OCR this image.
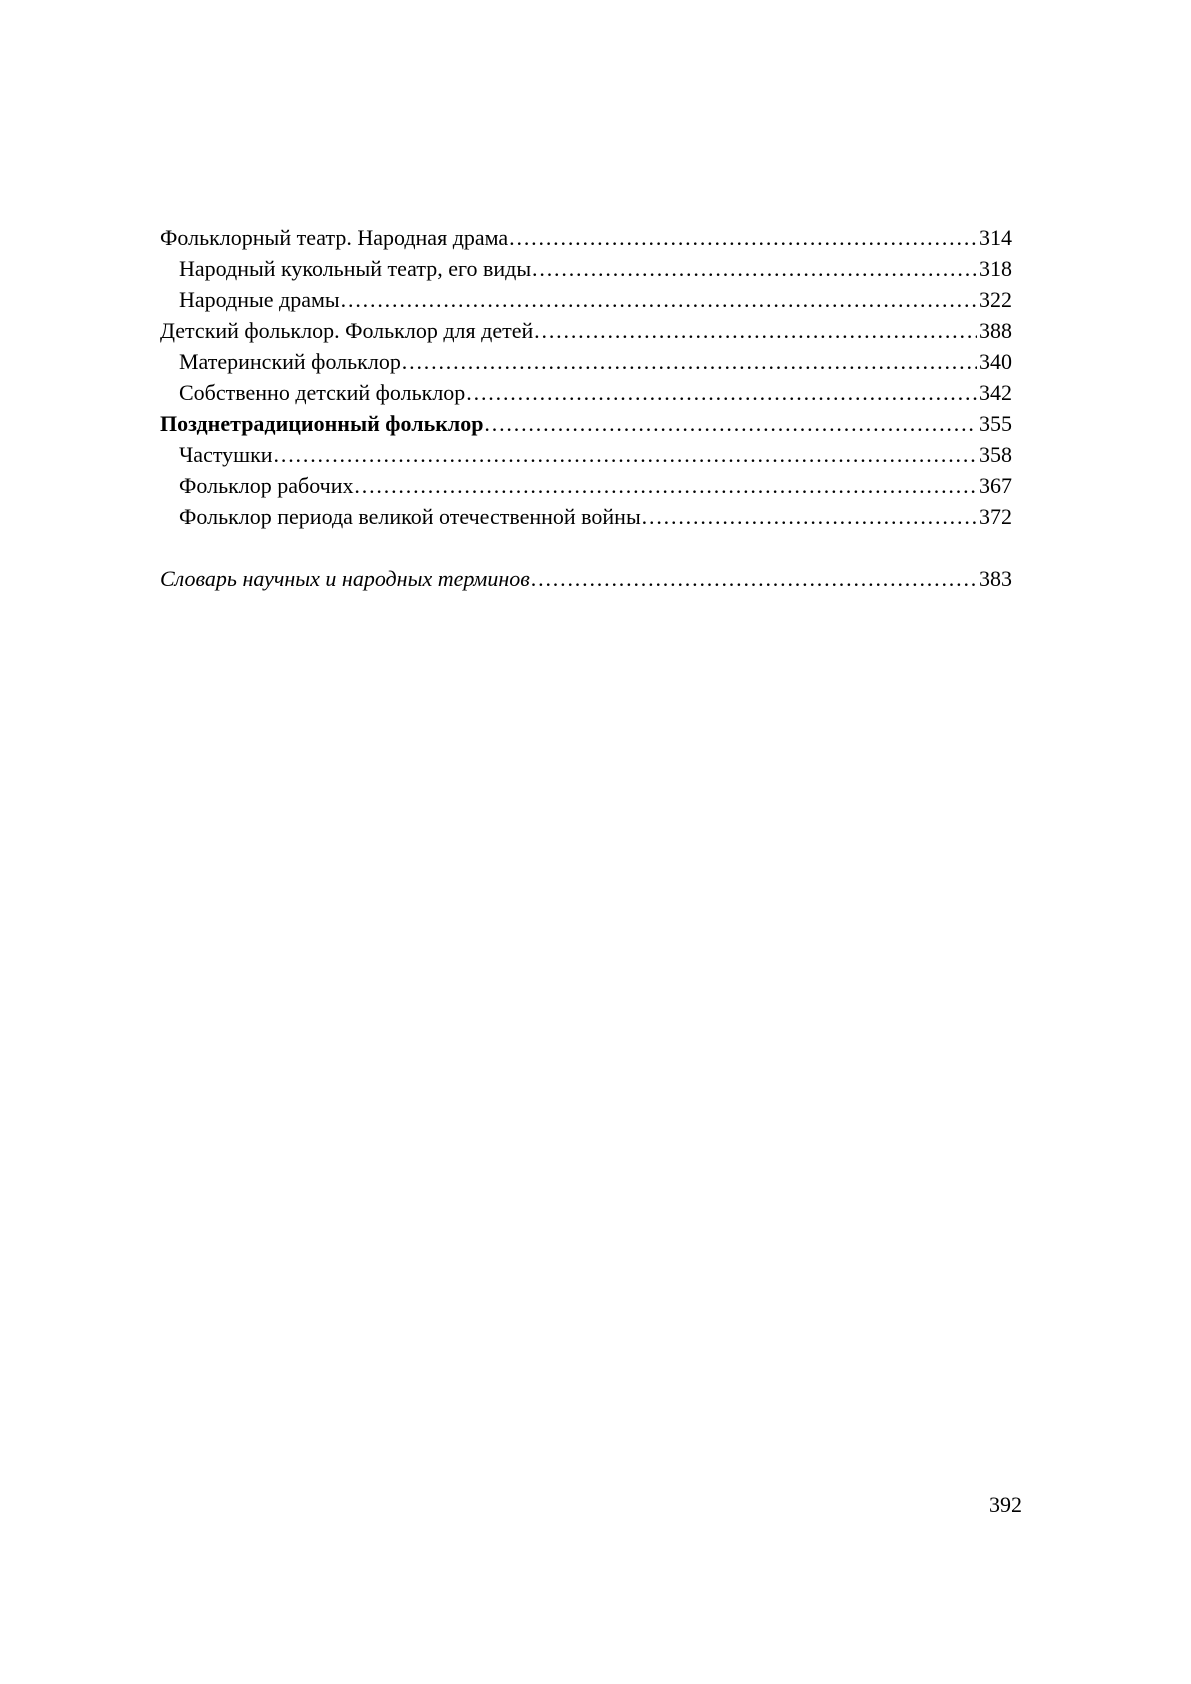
Фольклорный театр. Народная драма …………………………………………………………………………………………………………	314
Народный кукольный театр, его виды …………………………………………………………………………………………………………	318
Народные драмы …………………………………………………………………………………………………………	322
Детский фольклор. Фольклор для детей …………………………………………………………………………………………………………	388
Материнский фольклор …………………………………………………………………………………………………………	340
Собственно детский фольклор …………………………………………………………………………………………………………	342
Позднетрадиционный фольклор …………………………………………………………………………………………………………	355
Частушки …………………………………………………………………………………………………………	358
Фольклор рабочих …………………………………………………………………………………………………………	367
Фольклор периода великой отечественной войны …………………………………………………………………………………………………………	372
Словарь научных и народных терминов …………………………………………………………………………………………………………	383
392
